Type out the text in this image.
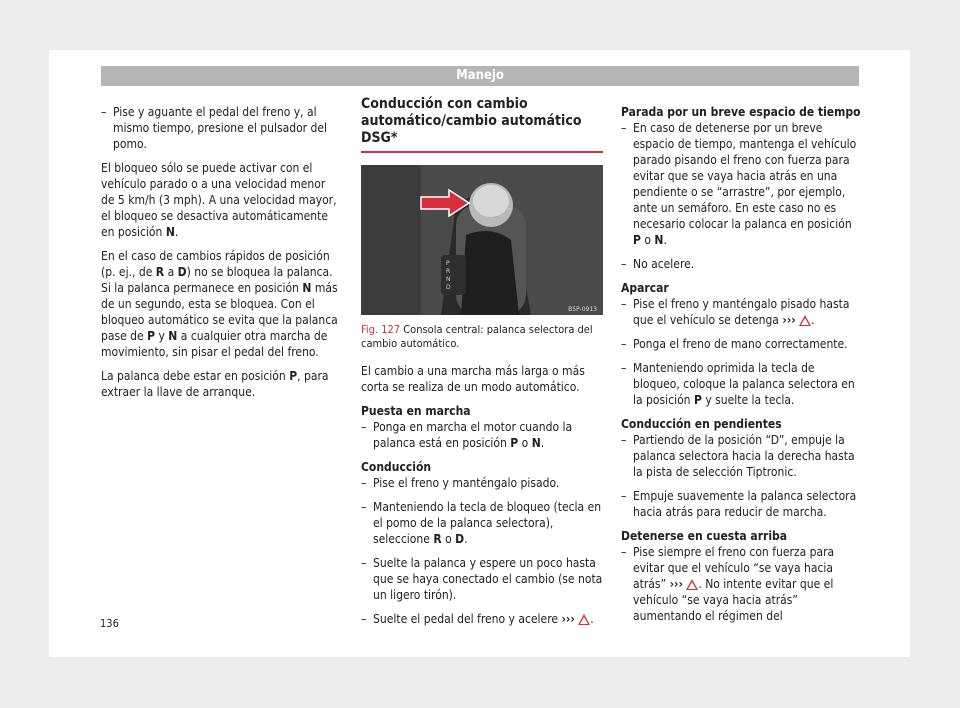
Manejo

– Pise y aguante el pedal del freno y, al mismo tiempo, presione el pulsador del pomo.

El bloqueo sólo se puede activar con el vehículo parado o a una velocidad menor de 5 km/h (3 mph). A una velocidad mayor, el bloqueo se desactiva automáticamente en posición N.

En el caso de cambios rápidos de posición (p. ej., de R a D) no se bloquea la palanca. Si la palanca permanece en posición N más de un segundo, esta se bloquea. Con el bloqueo automático se evita que la palanca pase de P y N a cualquier otra marcha de movimiento, sin pisar el pedal del freno.

La palanca debe estar en posición P, para extraer la llave de arranque.

Conducción con cambio automático/cambio automático DSG*
P
R
N
D
B5P-0913

Fig. 127 Consola central: palanca selectora del cambio automático.

El cambio a una marcha más larga o más corta se realiza de un modo automático.

Puesta en marcha

– Ponga en marcha el motor cuando la palanca está en posición P o N.

Conducción

– Pise el freno y manténgalo pisado.

– Manteniendo la tecla de bloqueo (tecla en el pomo de la palanca selectora), seleccione R o D.

– Suelte la palanca y espere un poco hasta que se haya conectado el cambio (se nota un ligero tirón).

– Suelte el pedal del freno y acelere ››› .

Parada por un breve espacio de tiempo

– En caso de detenerse por un breve espacio de tiempo, mantenga el vehículo parado pisando el freno con fuerza para evitar que se vaya hacia atrás en una pendiente o se “arrastre”, por ejemplo, ante un semáforo. En este caso no es necesario colocar la palanca en posición P o N.

– No acelere.

Aparcar

– Pise el freno y manténgalo pisado hasta que el vehículo se detenga ››› .

– Ponga el freno de mano correctamente.

– Manteniendo oprimida la tecla de bloqueo, coloque la palanca selectora en la posición P y suelte la tecla.

Conducción en pendientes

– Partiendo de la posición “D”, empuje la palanca selectora hacia la derecha hasta la pista de selección Tiptronic.

– Empuje suavemente la palanca selectora hacia atrás para reducir de marcha.

Detenerse en cuesta arriba

– Pise siempre el freno con fuerza para evitar que el vehículo “se vaya hacia atrás” ››› . No intente evitar que el vehículo “se vaya hacia atrás” aumentando el régimen del

136
